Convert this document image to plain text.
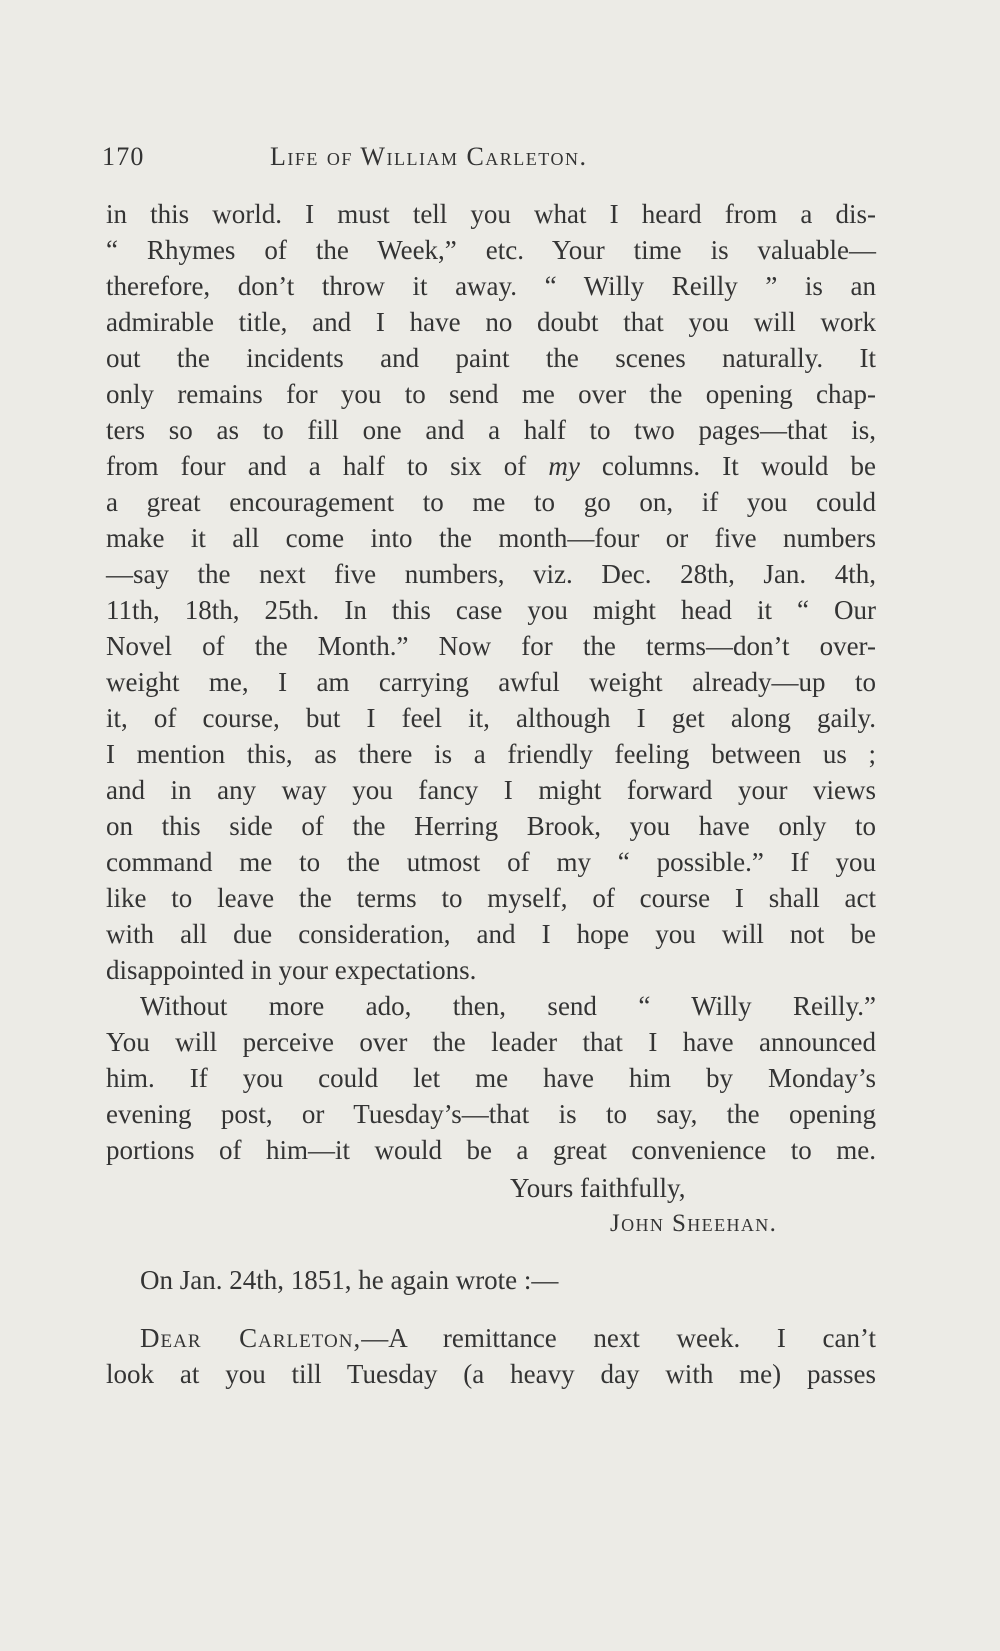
170	Life of William Carleton.
in this world. I must tell you what I heard from a dis-
“ Rhymes of the Week,” etc. Your time is valuable—
therefore, don’t throw it away. “ Willy Reilly ” is an
admirable title, and I have no doubt that you will work
out the incidents and paint the scenes naturally. It
only remains for you to send me over the opening chap-
ters so as to fill one and a half to two pages—that is,
from four and a half to six of my columns. It would be
a great encouragement to me to go on, if you could
make it all come into the month—four or five numbers
—say the next five numbers, viz. Dec. 28th, Jan. 4th,
11th, 18th, 25th. In this case you might head it “ Our
Novel of the Month.” Now for the terms—don’t over-
weight me, I am carrying awful weight already—up to
it, of course, but I feel it, although I get along gaily.
I mention this, as there is a friendly feeling between us ;
and in any way you fancy I might forward your views
on this side of the Herring Brook, you have only to
command me to the utmost of my “ possible.” If you
like to leave the terms to myself, of course I shall act
with all due consideration, and I hope you will not be
disappointed in your expectations.
Without more ado, then, send “ Willy Reilly.”
You will perceive over the leader that I have announced
him. If you could let me have him by Monday’s
evening post, or Tuesday’s—that is to say, the opening
portions of him—it would be a great convenience to me.
Yours faithfully,
John Sheehan.
On Jan. 24th, 1851, he again wrote :—
Dear Carleton,—A remittance next week. I can’t
look at you till Tuesday (a heavy day with me) passes
